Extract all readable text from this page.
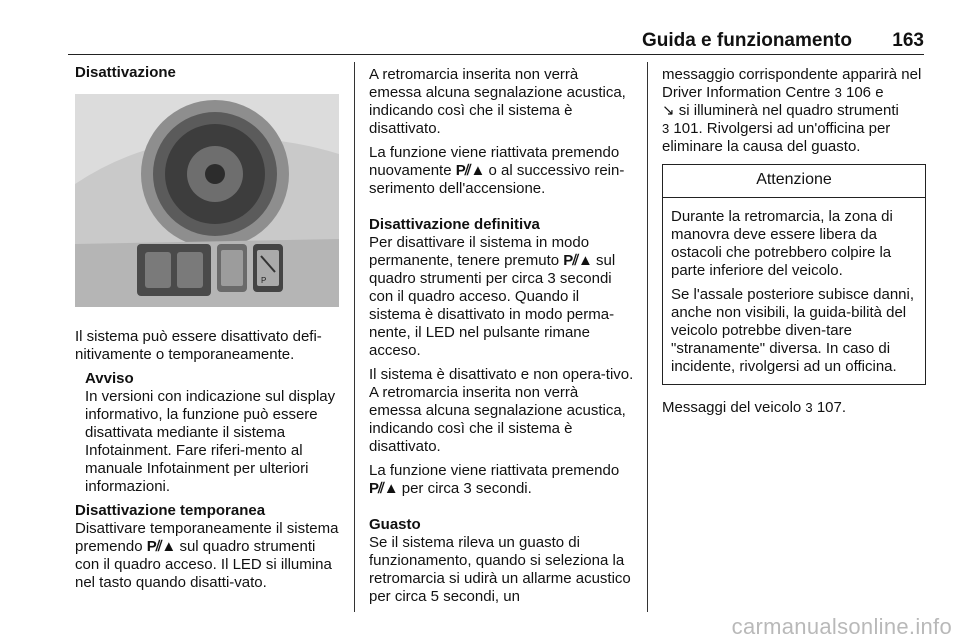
Guida e funzionamento 163

Disattivazione

P

Il sistema può essere disattivato defi-nitivamente o temporaneamente.

Avviso

In versioni con indicazione sul display informativo, la funzione può essere disattivata mediante il sistema Infotainment. Fare riferi-mento al manuale Infotainment per ulteriori informazioni.

Disattivazione temporanea

Disattivare temporaneamente il sistema premendo P⫽▲ sul quadro strumenti con il quadro acceso. Il LED si illumina nel tasto quando disatti-vato.

A retromarcia inserita non verrà emessa alcuna segnalazione acustica, indicando così che il sistema è disattivato.

La funzione viene riattivata premendo nuovamente P⫽▲ o al successivo rein-serimento dell'accensione.

Disattivazione definitiva

Per disattivare il sistema in modo permanente, tenere premuto P⫽▲ sul quadro strumenti per circa 3 secondi con il quadro acceso. Quando il sistema è disattivato in modo perma-nente, il LED nel pulsante rimane acceso.

Il sistema è disattivato e non opera-tivo. A retromarcia inserita non verrà emessa alcuna segnalazione acustica, indicando così che il sistema è disattivato.

La funzione viene riattivata premendo P⫽▲ per circa 3 secondi.

Guasto

Se il sistema rileva un guasto di funzionamento, quando si seleziona la retromarcia si udirà un allarme acustico per circa 5 secondi, un

messaggio corrispondente apparirà nel Driver Information Centre 3 106 e
↘ si illuminerà nel quadro strumenti
3 101. Rivolgersi ad un'officina per eliminare la causa del guasto.

Attenzione

Durante la retromarcia, la zona di manovra deve essere libera da ostacoli che potrebbero colpire la parte inferiore del veicolo.

Se l'assale posteriore subisce danni, anche non visibili, la guida-bilità del veicolo potrebbe diven-tare "stranamente" diversa. In caso di incidente, rivolgersi ad un officina.

Messaggi del veicolo 3 107.

carmanualsonline.info
